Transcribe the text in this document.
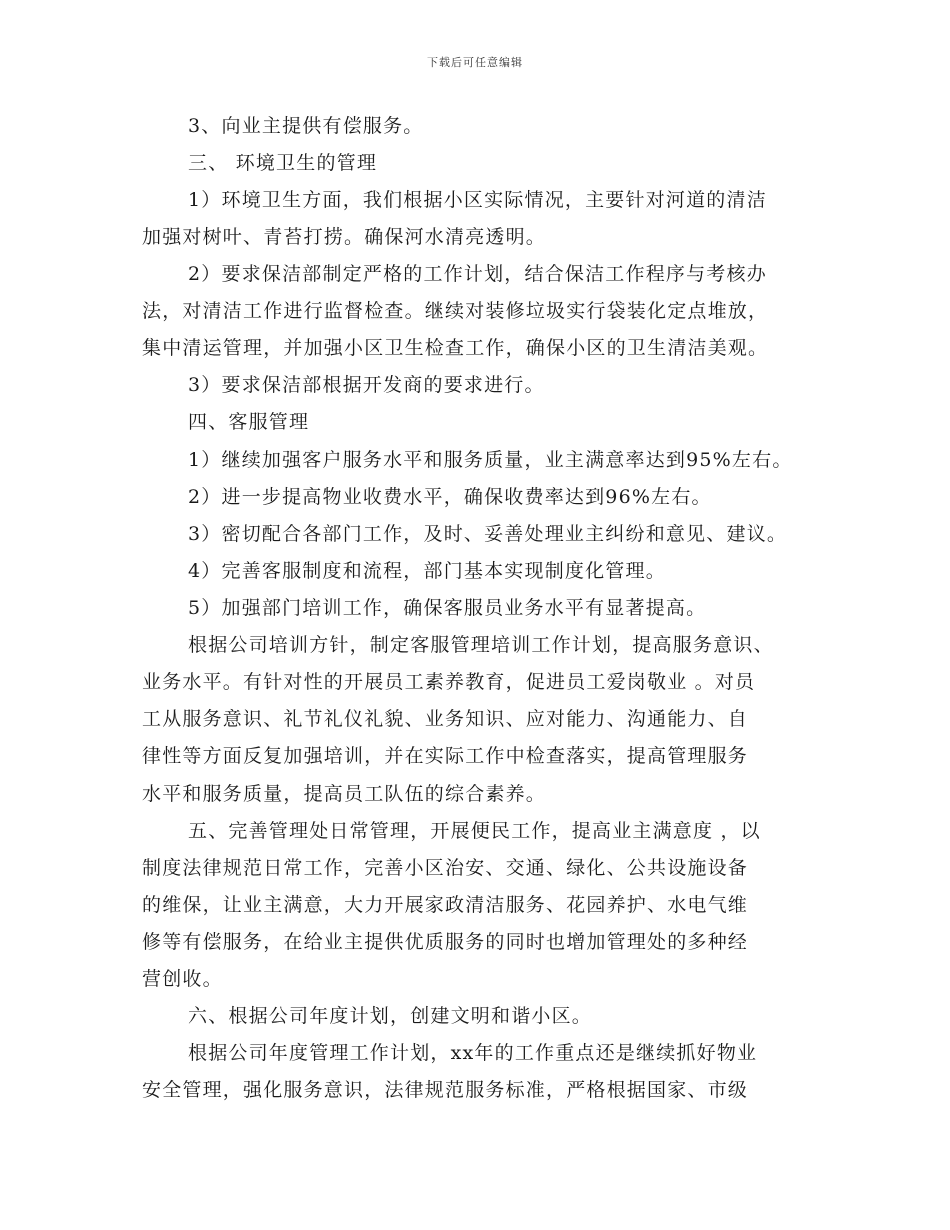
下载后可任意编辑
3、向业主提供有偿服务。
三、 环境卫生的管理
1）环境卫生方面，我们根据小区实际情况，主要针对河道的清洁
加强对树叶、青苔打捞。确保河水清亮透明。
2）要求保洁部制定严格的工作计划，结合保洁工作程序与考核办
法，对清洁工作进行监督检查。继续对装修垃圾实行袋装化定点堆放，
集中清运管理，并加强小区卫生检查工作，确保小区的卫生清洁美观。
3）要求保洁部根据开发商的要求进行。
四、客服管理
1）继续加强客户服务水平和服务质量，业主满意率达到95%左右。
2）进一步提高物业收费水平，确保收费率达到96%左右。
3）密切配合各部门工作，及时、妥善处理业主纠纷和意见、建议。
4）完善客服制度和流程，部门基本实现制度化管理。
5）加强部门培训工作，确保客服员业务水平有显著提高。
根据公司培训方针，制定客服管理培训工作计划，提高服务意识、
业务水平。有针对性的开展员工素养教育，促进员工爱岗敬业 。对员
工从服务意识、礼节礼仪礼貌、业务知识、应对能力、沟通能力、自
律性等方面反复加强培训，并在实际工作中检查落实，提高管理服务
水平和服务质量，提高员工队伍的综合素养。
五、完善管理处日常管理，开展便民工作，提高业主满意度 ，以
制度法律规范日常工作，完善小区治安、交通、绿化、公共设施设备
的维保，让业主满意，大力开展家政清洁服务、花园养护、水电气维
修等有偿服务，在给业主提供优质服务的同时也增加管理处的多种经
营创收。
六、根据公司年度计划，创建文明和谐小区。
根据公司年度管理工作计划，xx年的工作重点还是继续抓好物业
安全管理，强化服务意识，法律规范服务标准，严格根据国家、市级
